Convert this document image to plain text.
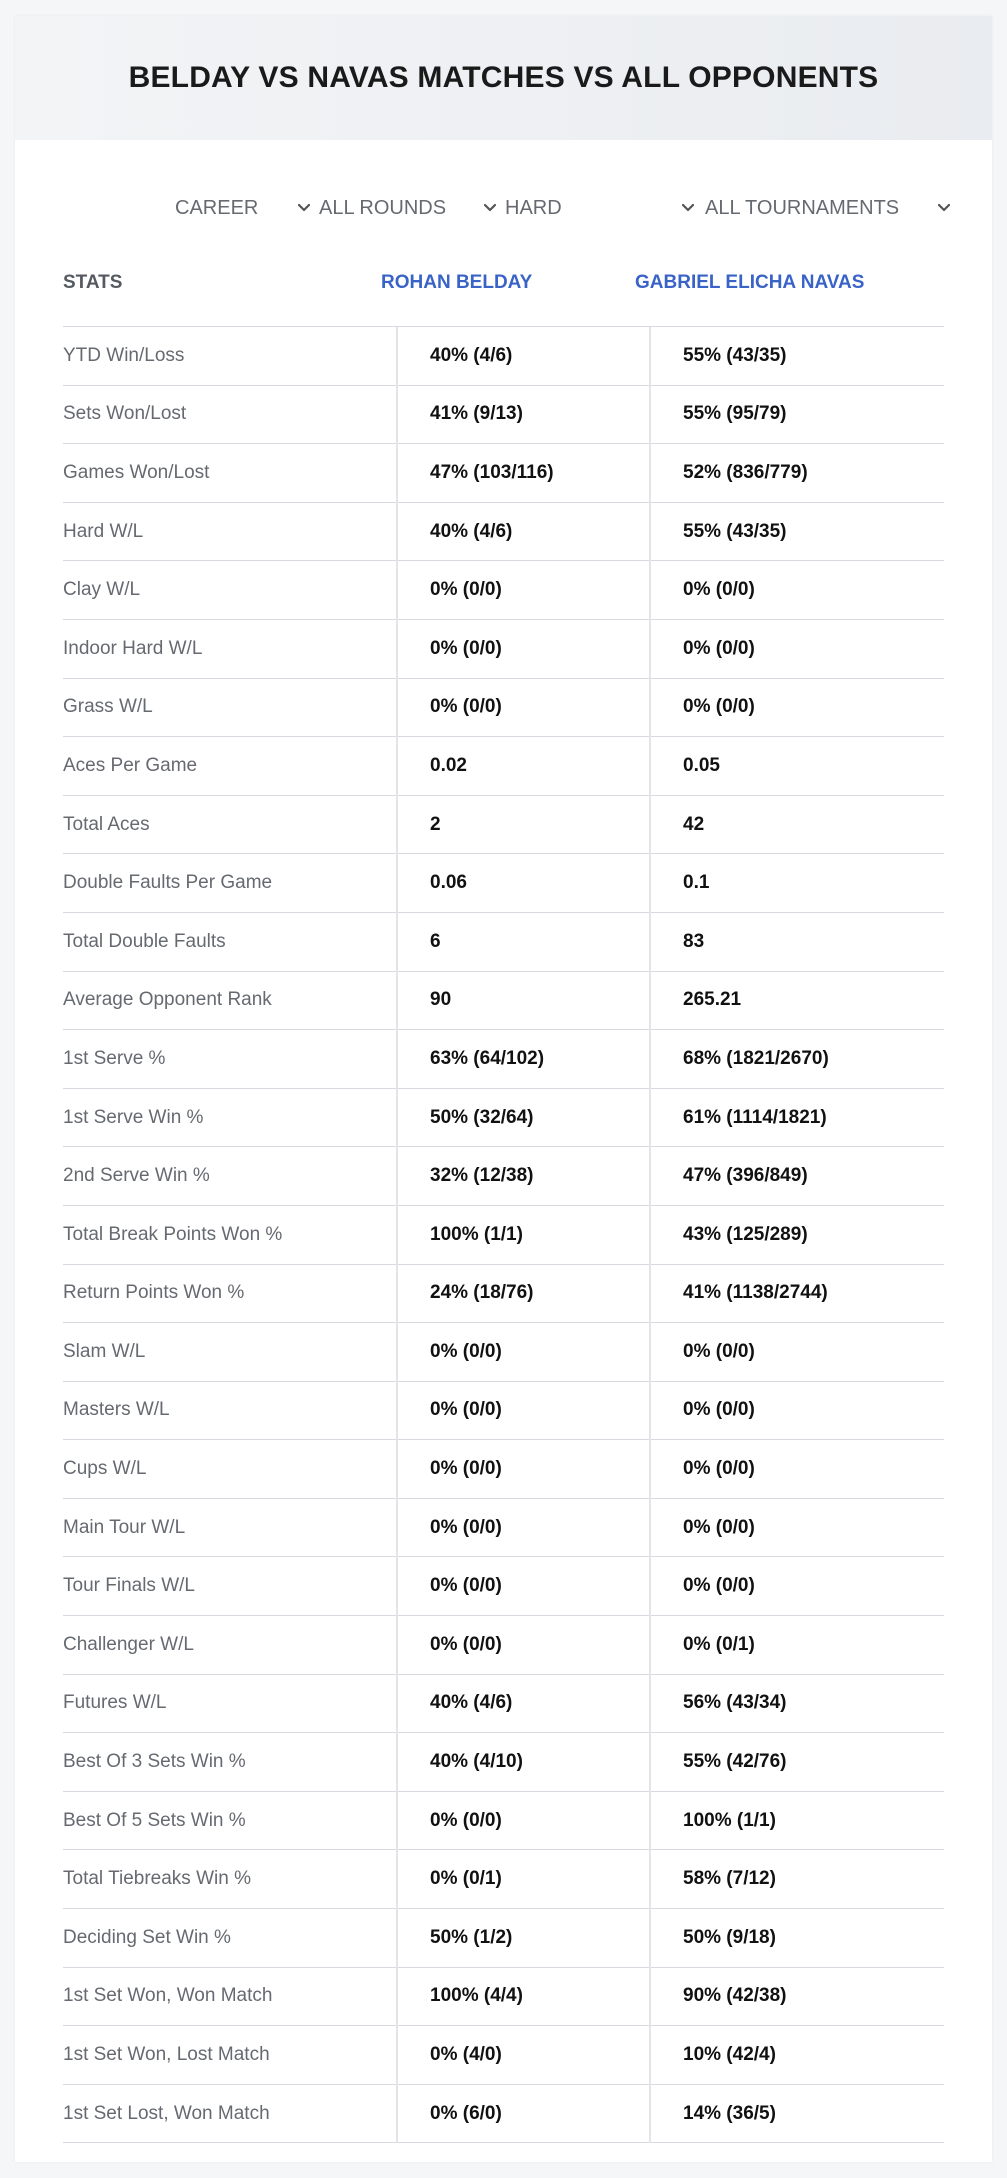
BELDAY VS NAVAS MATCHES VS ALL OPPONENTS
CAREER	ALL ROUNDS	HARD	ALL TOURNAMENTS
STATS	ROHAN BELDAY	GABRIEL ELICHA NAVAS
YTD Win/Loss	40% (4/6)	55% (43/35)
Sets Won/Lost	41% (9/13)	55% (95/79)
Games Won/Lost	47% (103/116)	52% (836/779)
Hard W/L	40% (4/6)	55% (43/35)
Clay W/L	0% (0/0)	0% (0/0)
Indoor Hard W/L	0% (0/0)	0% (0/0)
Grass W/L	0% (0/0)	0% (0/0)
Aces Per Game	0.02	0.05
Total Aces	2	42
Double Faults Per Game	0.06	0.1
Total Double Faults	6	83
Average Opponent Rank	90	265.21
1st Serve %	63% (64/102)	68% (1821/2670)
1st Serve Win %	50% (32/64)	61% (1114/1821)
2nd Serve Win %	32% (12/38)	47% (396/849)
Total Break Points Won %	100% (1/1)	43% (125/289)
Return Points Won %	24% (18/76)	41% (1138/2744)
Slam W/L	0% (0/0)	0% (0/0)
Masters W/L	0% (0/0)	0% (0/0)
Cups W/L	0% (0/0)	0% (0/0)
Main Tour W/L	0% (0/0)	0% (0/0)
Tour Finals W/L	0% (0/0)	0% (0/0)
Challenger W/L	0% (0/0)	0% (0/1)
Futures W/L	40% (4/6)	56% (43/34)
Best Of 3 Sets Win %	40% (4/10)	55% (42/76)
Best Of 5 Sets Win %	0% (0/0)	100% (1/1)
Total Tiebreaks Win %	0% (0/1)	58% (7/12)
Deciding Set Win %	50% (1/2)	50% (9/18)
1st Set Won, Won Match	100% (4/4)	90% (42/38)
1st Set Won, Lost Match	0% (4/0)	10% (42/4)
1st Set Lost, Won Match	0% (6/0)	14% (36/5)
